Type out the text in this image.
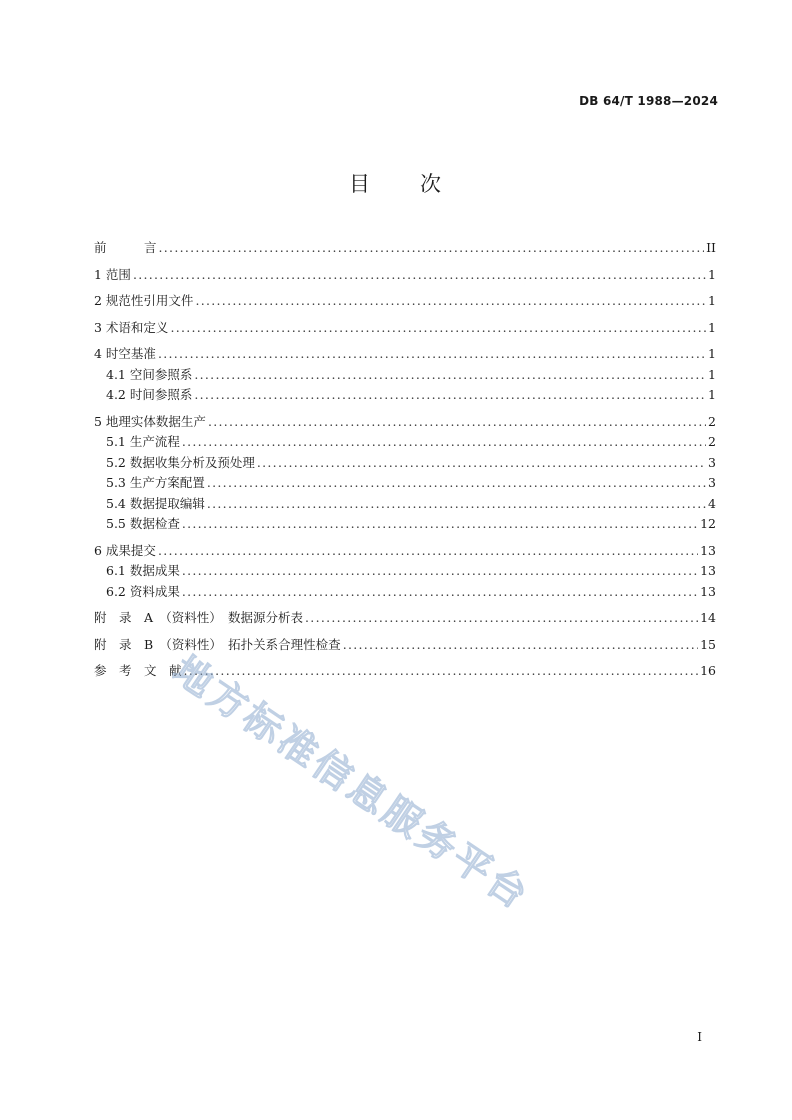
DB 64/T 1988—2024
目 次
前　　　言 .....	II
1 范围 .....	1
2 规范性引用文件 .....	1
3 术语和定义 .....	1
4 时空基准 .....	1
4.1 空间参照系 .....	1
4.2 时间参照系 .....	1
5 地理实体数据生产 .....	2
5.1 生产流程 .....	2
5.2 数据收集分析及预处理 .....	3
5.3 生产方案配置 .....	3
5.4 数据提取编辑 .....	4
5.5 数据检查 .....	12
6 成果提交 .....	13
6.1 数据成果 .....	13
6.2 资料成果 .....	13
附　录　A　（资料性）　数据源分析表 .....	14
附　录　B　（资料性）　拓扑关系合理性检查 .....	15
参　考　文　献 .....	16
地方标准信息服务平台
I
